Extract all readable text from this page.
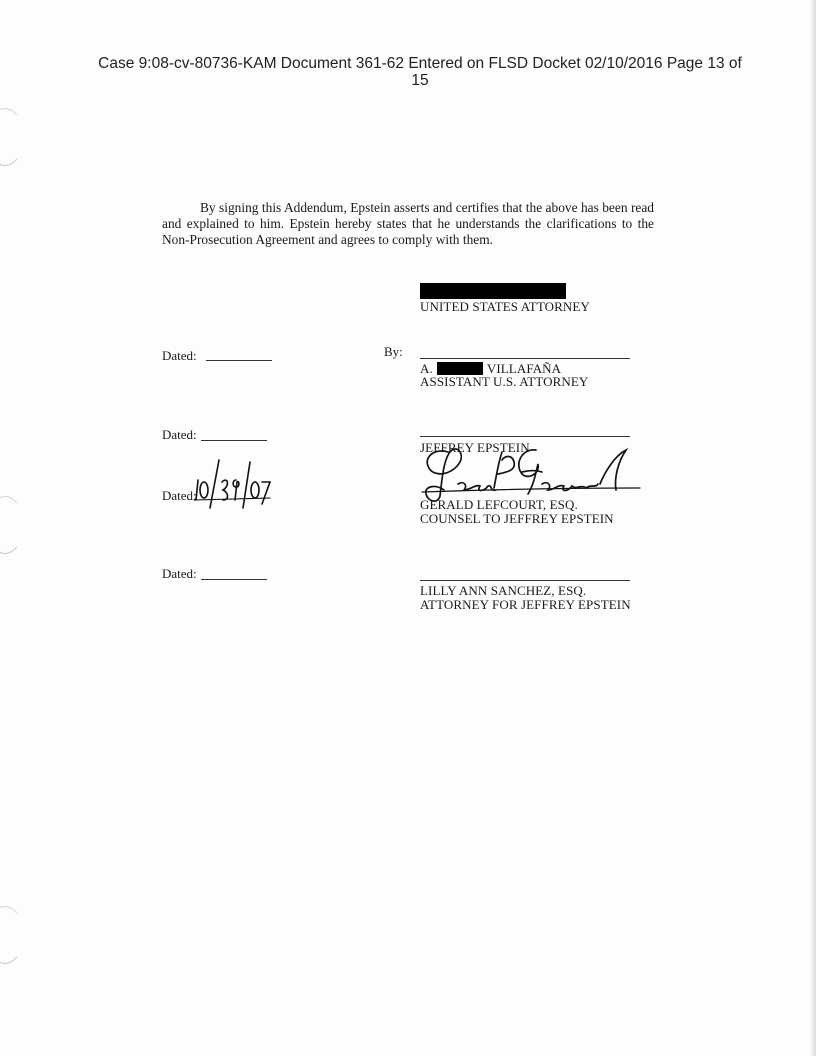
Case 9:08-cv-80736-KAM Document 361-62 Entered on FLSD Docket 02/10/2016 Page 13 of
15
By signing this Addendum, Epstein asserts and certifies that the above has been read and explained to him. Epstein hereby states that he understands the clarifications to the Non-Prosecution Agreement and agrees to comply with them.
UNITED STATES ATTORNEY
Dated:	By:
A.	VILLAFAÑA
ASSISTANT U.S. ATTORNEY
Dated:
JEFFREY EPSTEIN
Dated:
GERALD LEFCOURT, ESQ.
COUNSEL TO JEFFREY EPSTEIN
Dated:
LILLY ANN SANCHEZ, ESQ.
ATTORNEY FOR JEFFREY EPSTEIN
